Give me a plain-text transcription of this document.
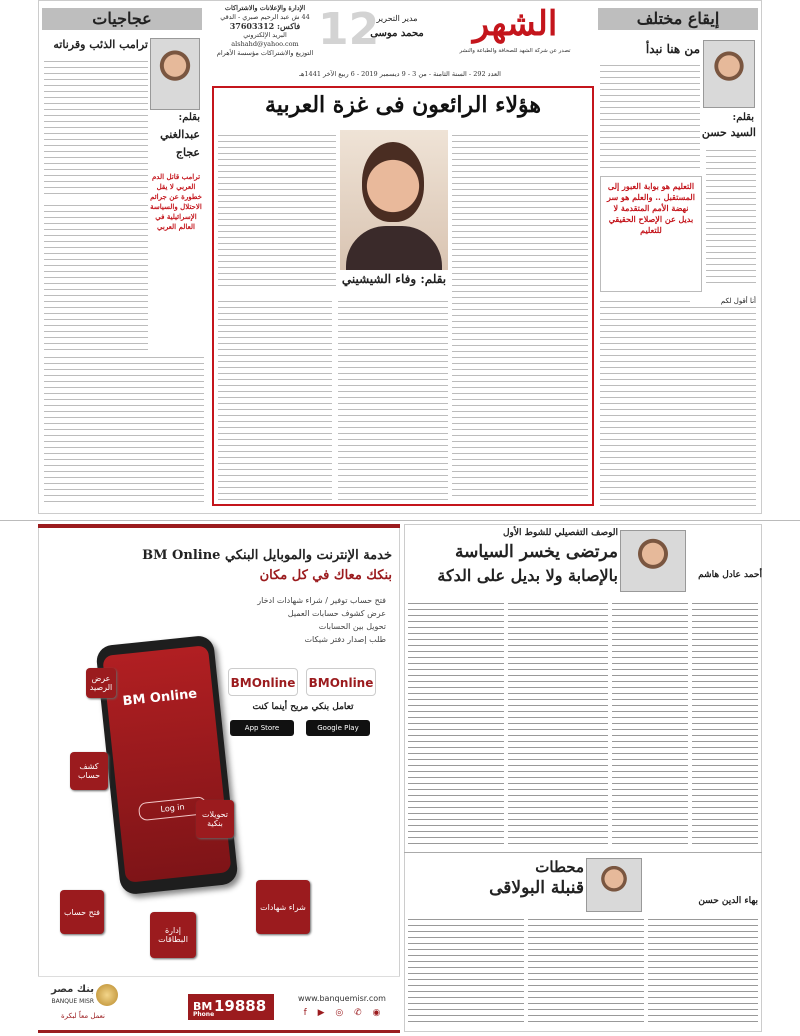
إيقاع مختلف
الشهر
تصدر عن شركة الشهد للصحافة والطباعة والنشر
العدد 292 - السنة الثامنة - من 3 - 9 ديسمبر 2019 - 6 ربيع الآخر 1441هـ
مدير التحرير
محمد موسى
12
الإدارة والإعلانات والاشتراكات
44 ش عبد الرحيم صبري - الدقي
فاكس: 37603312
البريد الإلكتروني
alshahd@yahoo.com
التوزيع والاشتراكات مؤسسة الأهرام
عجاجيات
من هنا نبدأ
بقلم:
السيد حسن
التعليم هو بوابة العبور إلى المستقبل .. والعلم هو سر نهضة الأمم المتقدمة لا بديل عن الإصلاح الحقيقي للتعليم
أنا أقول لكم
ترامب الذئب وقرناته
بقلم:
عبدالغني عجاج
ترامب قاتل الدم العربي لا يقل خطورة عن جرائم الاحتلال والسياسة الإسرائيلية في العالم العربي
هؤلاء الرائعون فى غزة العربية
بقلم: وفاء الشيشيني
خدمة الإنترنت والموبايل البنكي BM Online
بنكك معاك في كل مكان
فتح حساب توفير / شراء شهادات ادخار
عرض كشوف حسابات العميل
تحويل بين الحسابات
طلب إصدار دفتر شيكات
BMOnline BMOnline
تعامل بنكي مريح أينما كنت
App Store	Google Play
BM Online
Log in
عرض الرصيد
كشف حساب
تحويلات بنكية
فتح حساب
شراء شهادات
إدارة البطاقات
بنك مصر
BANQUE MISR
نعمل معاً لبكرة
BM 19888
Phone
www.banquemisr.com
f ▶ ◎ ✆ ◉
الوصف التفصيلي للشوط الأول
مرتضى يخسر السياسة
بالإصابة ولا بديل على الدكة	أحمد عادل هاشم
محطات
قنبلة البولاقى
بهاء الدين حسن
